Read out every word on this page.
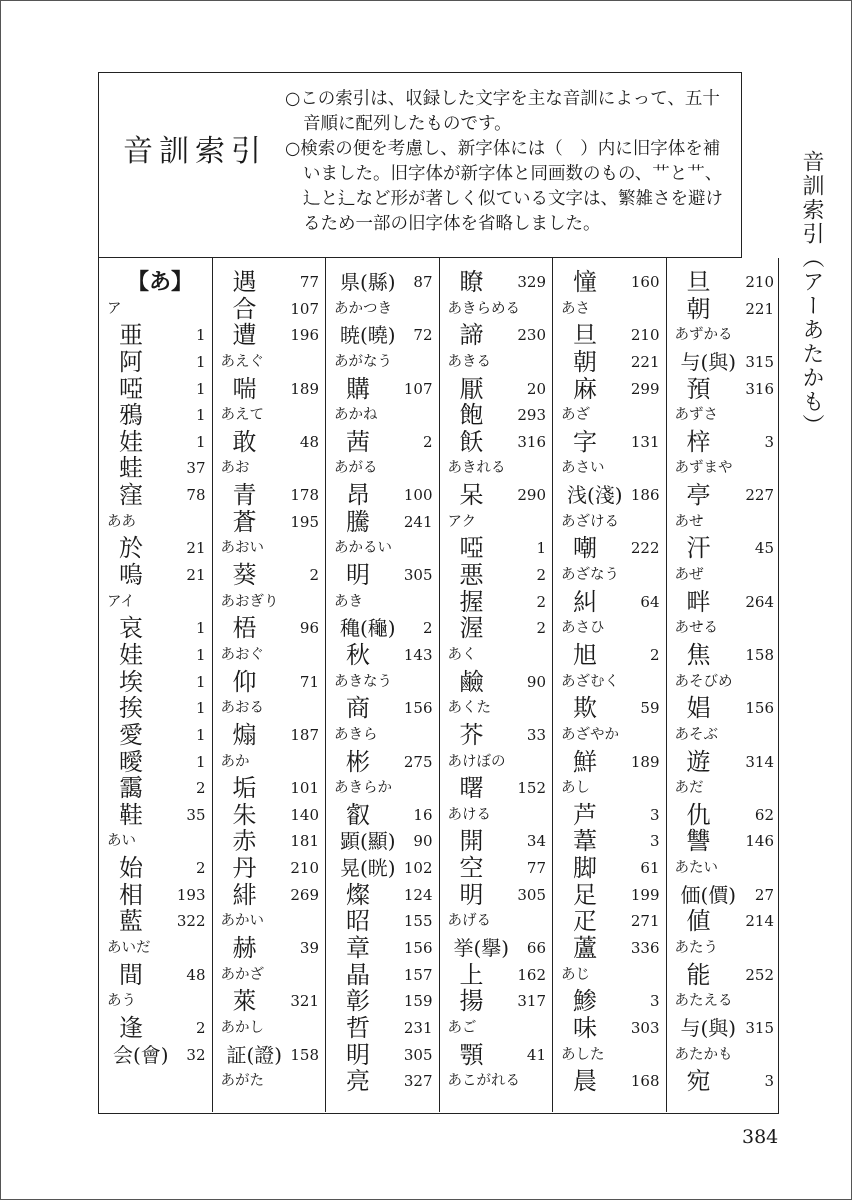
音訓索引
○この索引は、収録した文字を主な音訓によって、五十音順に配列したものです。
○検索の便を考慮し、新字体には（　）内に旧字体を補いました。旧字体が新字体と同画数のもの、⺾と艹、⻌と⻍など形が著しく似ている文字は、繁雑さを避けるため一部の旧字体を省略しました。
【あ】
ア
亜	1
阿	1
啞	1
鴉	1
娃	1
蛙	37
窪	78
ああ
於	21
嗚	21
アイ
哀	1
娃	1
埃	1
挨	1
愛	1
曖	1
靄	2
鞋	35
あい
始	2
相 193
藍 322
あいだ
間	48
あう
逢	2
会(會) 32
遇	77
合 107
遭 196
あえぐ
喘 189
あえて
敢	48
あお
青 178
蒼 195
あおい
葵	2
あおぎり
梧	96
あおぐ
仰	71
あおる
煽 187
あか
垢 101
朱 140
赤 181
丹 210
緋 269
あかい
赫	39
あかざ
萊 321
あかし
証(證) 158
あがた
県(縣) 87
あかつき
暁(曉) 72
あがなう
購 107
あかね
茜	2
あがる
昂 100
騰 241
あかるい
明 305
あき
穐(龝) 2
秋 143
あきなう
商 156
あきら
彬 275
あきらか
叡	16
顕(顯) 90
晃(晄) 102
燦 124
昭 155
章 156
晶 157
彰 159
哲 231
明 305
亮 327
瞭 329
あきらめる
諦 230
あきる
厭	20
飽 293
飫 316
あきれる
呆 290
アク
啞	1
悪	2
握	2
渥	2
あく
鹼	90
あくた
芥	33
あけぼの
曙 152
あける
開	34
空	77
明 305
あげる
挙(擧) 66
上 162
揚 317
あご
顎	41
あこがれる
憧 160
あさ
旦 210
朝 221
麻 299
あざ
字 131
あさい
浅(淺) 186
あざける
嘲 222
あざなう
糾	64
あさひ
旭	2
あざむく
欺	59
あざやか
鮮 189
あし
芦	3
葦	3
脚	61
足 199
疋 271
蘆 336
あじ
鯵	3
味 303
あした
晨 168
旦 210
朝 221
あずかる
与(與) 315
預 316
あずさ
梓	3
あずまや
亭 227
あせ
汗	45
あぜ
畔 264
あせる
焦 158
あそびめ
娼 156
あそぶ
遊 314
あだ
仇	62
讐 146
あたい
価(價) 27
値 214
あたう
能 252
あたえる
与(與) 315
あたかも
宛	3
音訓索引（アーあたかも）
384
